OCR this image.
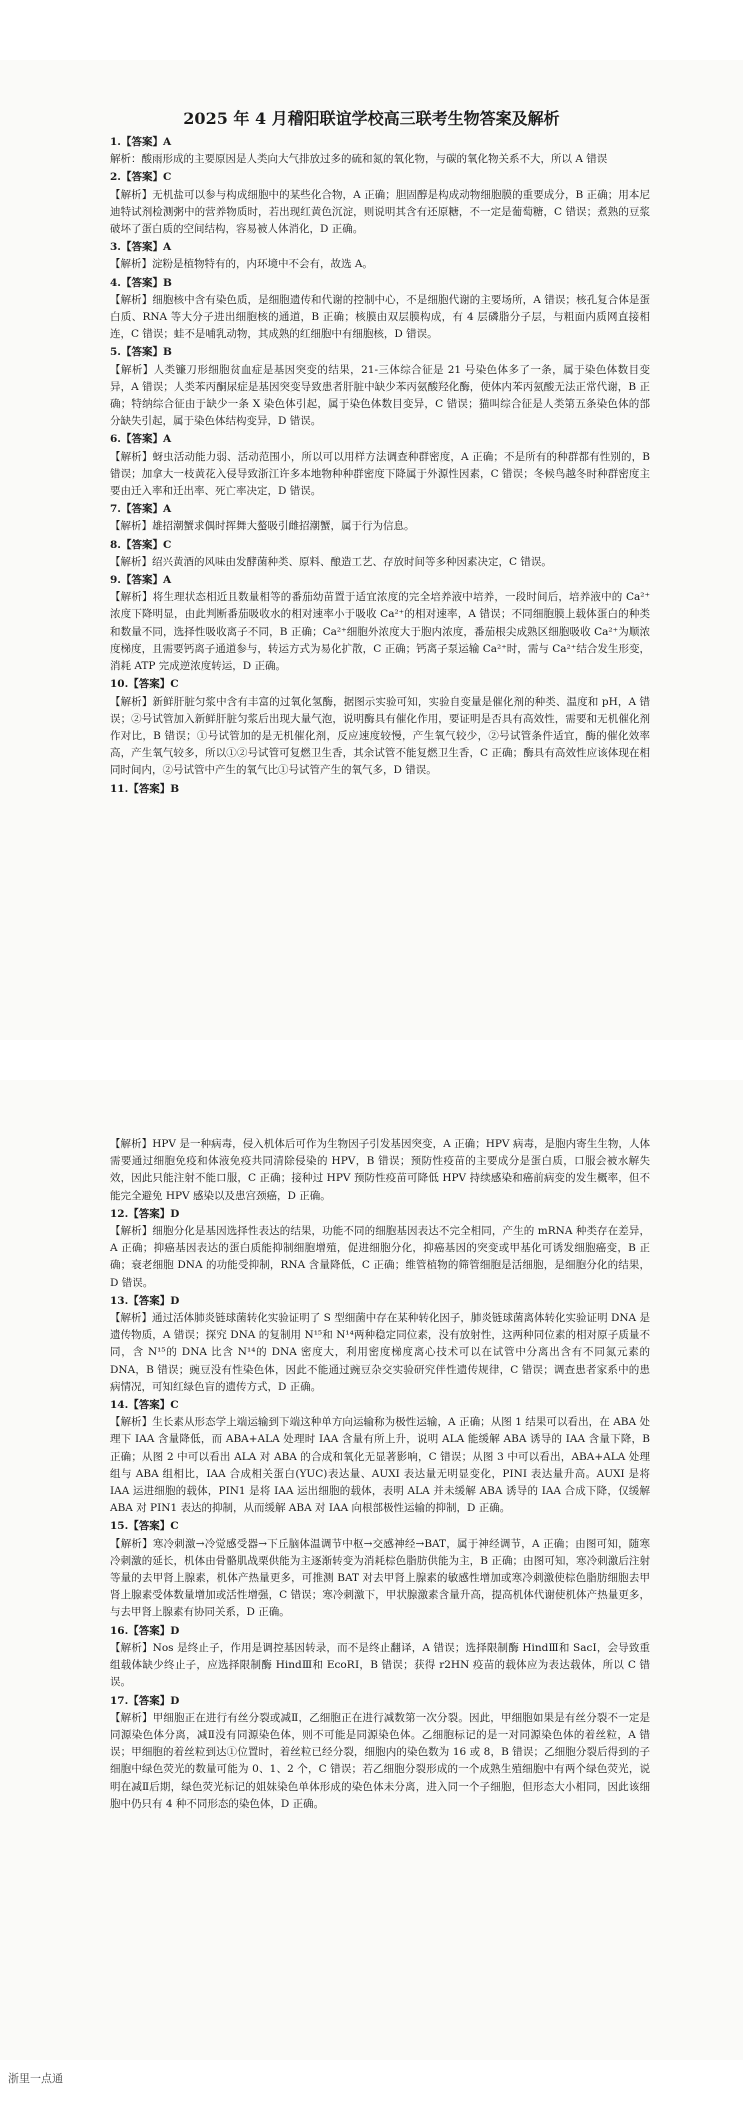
2025 年 4 月稽阳联谊学校高三联考生物答案及解析

1.【答案】A

解析：酸雨形成的主要原因是人类向大气排放过多的硫和氮的氧化物，与碳的氧化物关系不大，所以 A 错误

2.【答案】C

【解析】无机盐可以参与构成细胞中的某些化合物，A 正确；胆固醇是构成动物细胞膜的重要成分，B 正确；用本尼迪特试剂检测粥中的营养物质时，若出现红黄色沉淀，则说明其含有还原糖，不一定是葡萄糖，C 错误；煮熟的豆浆破坏了蛋白质的空间结构，容易被人体消化，D 正确。

3.【答案】A

【解析】淀粉是植物特有的，内环境中不会有，故选 A。

4.【答案】B

【解析】细胞核中含有染色质，是细胞遗传和代谢的控制中心，不是细胞代谢的主要场所，A 错误；核孔复合体是蛋白质、RNA 等大分子进出细胞核的通道，B 正确；核膜由双层膜构成，有 4 层磷脂分子层，与粗面内质网直接相连，C 错误；蛙不是哺乳动物，其成熟的红细胞中有细胞核，D 错误。

5.【答案】B

【解析】人类镰刀形细胞贫血症是基因突变的结果，21-三体综合征是 21 号染色体多了一条，属于染色体数目变异，A 错误；人类苯丙酮尿症是基因突变导致患者肝脏中缺少苯丙氨酸羟化酶，使体内苯丙氨酸无法正常代谢，B 正确；特纳综合征由于缺少一条 X 染色体引起，属于染色体数目变异，C 错误；猫叫综合征是人类第五条染色体的部分缺失引起，属于染色体结构变异，D 错误。

6.【答案】A

【解析】蚜虫活动能力弱、活动范围小，所以可以用样方法调查种群密度，A 正确；不是所有的种群都有性别的，B 错误；加拿大一枝黄花入侵导致浙江许多本地物种种群密度下降属于外源性因素，C 错误；冬候鸟越冬时种群密度主要由迁入率和迁出率、死亡率决定，D 错误。

7.【答案】A

【解析】雄招潮蟹求偶时挥舞大螯吸引雌招潮蟹，属于行为信息。

8.【答案】C

【解析】绍兴黄酒的风味由发酵菌种类、原料、酿造工艺、存放时间等多种因素决定，C 错误。

9.【答案】A

【解析】将生理状态相近且数量相等的番茄幼苗置于适宜浓度的完全培养液中培养，一段时间后，培养液中的 Ca²⁺浓度下降明显，由此判断番茄吸收水的相对速率小于吸收 Ca²⁺的相对速率，A 错误；不同细胞膜上载体蛋白的种类和数量不同，选择性吸收离子不同，B 正确；Ca²⁺细胞外浓度大于胞内浓度，番茄根尖成熟区细胞吸收 Ca²⁺为顺浓度梯度，且需要钙离子通道参与，转运方式为易化扩散，C 正确；钙离子泵运输 Ca²⁺时，需与 Ca²⁺结合发生形变，消耗 ATP 完成逆浓度转运，D 正确。

10.【答案】C

【解析】新鲜肝脏匀浆中含有丰富的过氧化氢酶，据图示实验可知，实验自变量是催化剂的种类、温度和 pH，A 错误；②号试管加入新鲜肝脏匀浆后出现大量气泡，说明酶具有催化作用，要证明是否具有高效性，需要和无机催化剂作对比，B 错误；①号试管加的是无机催化剂，反应速度较慢，产生氧气较少，②号试管条件适宜，酶的催化效率高，产生氧气较多，所以①②号试管可复燃卫生香，其余试管不能复燃卫生香，C 正确；酶具有高效性应该体现在相同时间内，②号试管中产生的氧气比①号试管产生的氧气多，D 错误。

11.【答案】B

【解析】HPV 是一种病毒，侵入机体后可作为生物因子引发基因突变，A 正确；HPV 病毒，是胞内寄生生物，人体需要通过细胞免疫和体液免疫共同清除侵染的 HPV，B 错误；预防性疫苗的主要成分是蛋白质，口服会被水解失效，因此只能注射不能口服，C 正确；接种过 HPV 预防性疫苗可降低 HPV 持续感染和癌前病变的发生概率，但不能完全避免 HPV 感染以及患宫颈癌，D 正确。

12.【答案】D

【解析】细胞分化是基因选择性表达的结果，功能不同的细胞基因表达不完全相同，产生的 mRNA 种类存在差异，A 正确；抑癌基因表达的蛋白质能抑制细胞增殖，促进细胞分化，抑癌基因的突变或甲基化可诱发细胞癌变，B 正确；衰老细胞 DNA 的功能受抑制，RNA 含量降低，C 正确；维管植物的筛管细胞是活细胞，是细胞分化的结果，D 错误。

13.【答案】D

【解析】通过活体肺炎链球菌转化实验证明了 S 型细菌中存在某种转化因子，肺炎链球菌离体转化实验证明 DNA 是遗传物质，A 错误；探究 DNA 的复制用 N¹⁵和 N¹⁴两种稳定同位素，没有放射性，这两种同位素的相对原子质量不同，含 N¹⁵的 DNA 比含 N¹⁴的 DNA 密度大，利用密度梯度离心技术可以在试管中分离出含有不同氮元素的 DNA，B 错误；豌豆没有性染色体，因此不能通过豌豆杂交实验研究伴性遗传规律，C 错误；调查患者家系中的患病情况，可知红绿色盲的遗传方式，D 正确。

14.【答案】C

【解析】生长素从形态学上端运输到下端这种单方向运输称为极性运输，A 正确；从图 1 结果可以看出，在 ABA 处理下 IAA 含量降低，而 ABA+ALA 处理时 IAA 含量有所上升，说明 ALA 能缓解 ABA 诱导的 IAA 含量下降，B 正确；从图 2 中可以看出 ALA 对 ABA 的合成和氧化无显著影响，C 错误；从图 3 中可以看出，ABA+ALA 处理组与 ABA 组相比，IAA 合成相关蛋白(YUC)表达量、AUXI 表达量无明显变化，PINI 表达量升高。AUXI 是将 IAA 运进细胞的载体，PIN1 是将 IAA 运出细胞的载体，表明 ALA 并未缓解 ABA 诱导的 IAA 合成下降，仅缓解 ABA 对 PIN1 表达的抑制，从而缓解 ABA 对 IAA 向根部极性运输的抑制，D 正确。

15.【答案】C

【解析】寒冷刺激→冷觉感受器→下丘脑体温调节中枢→交感神经→BAT，属于神经调节，A 正确；由图可知，随寒冷刺激的延长，机体由骨骼肌战栗供能为主逐渐转变为消耗棕色脂肪供能为主，B 正确；由图可知，寒冷刺激后注射等量的去甲肾上腺素，机体产热量更多，可推测 BAT 对去甲肾上腺素的敏感性增加或寒冷刺激使棕色脂肪细胞去甲肾上腺素受体数量增加或活性增强，C 错误；寒冷刺激下，甲状腺激素含量升高，提高机体代谢使机体产热量更多，与去甲肾上腺素有协同关系，D 正确。

16.【答案】D

【解析】Nos 是终止子，作用是调控基因转录，而不是终止翻译，A 错误；选择限制酶 HindⅢ和 SacⅠ，会导致重组载体缺少终止子，应选择限制酶 HindⅢ和 EcoRⅠ，B 错误；获得 r2HN 疫苗的载体应为表达载体，所以 C 错误。

17.【答案】D

【解析】甲细胞正在进行有丝分裂或减Ⅱ，乙细胞正在进行减数第一次分裂。因此，甲细胞如果是有丝分裂不一定是同源染色体分离，减Ⅱ没有同源染色体，则不可能是同源染色体。乙细胞标记的是一对同源染色体的着丝粒，A 错误；甲细胞的着丝粒到达①位置时，着丝粒已经分裂，细胞内的染色数为 16 或 8，B 错误；乙细胞分裂后得到的子细胞中绿色荧光的数量可能为 0、1、2 个，C 错误；若乙细胞分裂形成的一个成熟生殖细胞中有两个绿色荧光，说明在减Ⅱ后期，绿色荧光标记的姐妹染色单体形成的染色体未分离，进入同一个子细胞，但形态大小相同，因此该细胞中仍只有 4 种不同形态的染色体，D 正确。

浙里一点通
